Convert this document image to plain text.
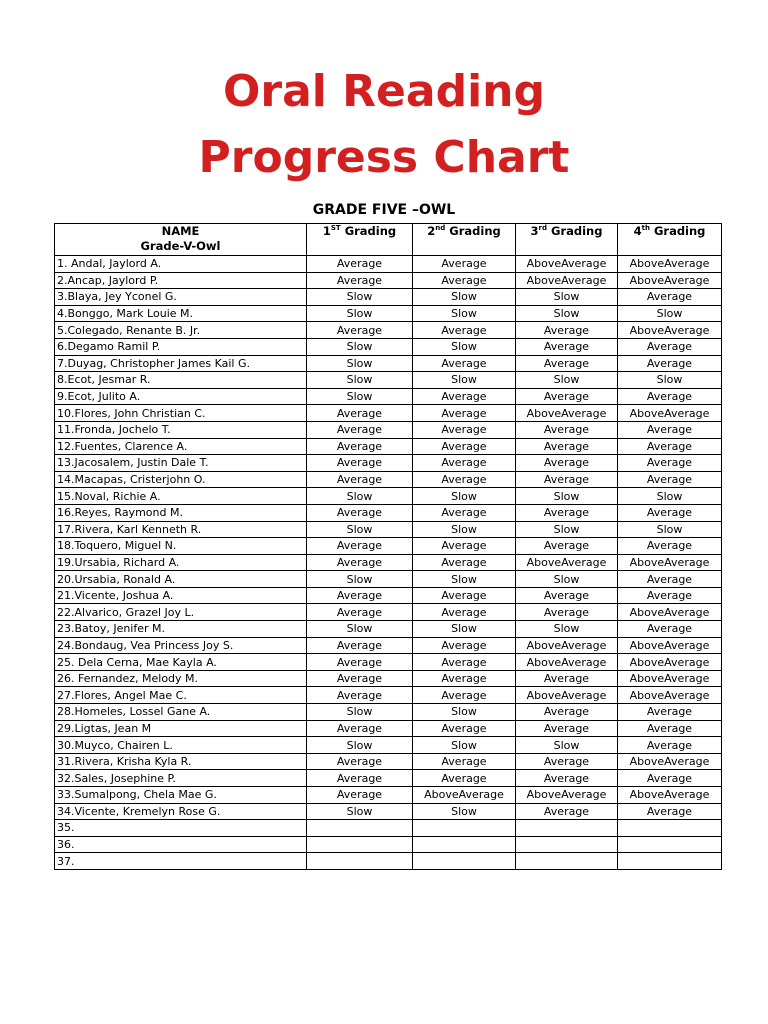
Oral Reading
Progress Chart
GRADE FIVE –OWL
NAME
Grade-V-Owl	1ST Grading	2nd Grading	3rd Grading	4th Grading
1. Andal, Jaylord A.	Average	Average	AboveAverage	AboveAverage
2.Ancap, Jaylord P.	Average	Average	AboveAverage	AboveAverage
3.Blaya, Jey Yconel G.	Slow	Slow	Slow	Average
4.Bonggo, Mark Louie M.	Slow	Slow	Slow	Slow
5.Colegado, Renante B. Jr.	Average	Average	Average	AboveAverage
6.Degamo Ramil P.	Slow	Slow	Average	Average
7.Duyag, Christopher James Kail G.	Slow	Average	Average	Average
8.Ecot, Jesmar R.	Slow	Slow	Slow	Slow
9.Ecot, Julito A.	Slow	Average	Average	Average
10.Flores, John Christian C.	Average	Average	AboveAverage	AboveAverage
11.Fronda, Jochelo T.	Average	Average	Average	Average
12.Fuentes, Clarence A.	Average	Average	Average	Average
13.Jacosalem, Justin Dale T.	Average	Average	Average	Average
14.Macapas, Cristerjohn O.	Average	Average	Average	Average
15.Noval, Richie A.	Slow	Slow	Slow	Slow
16.Reyes, Raymond M.	Average	Average	Average	Average
17.Rivera, Karl Kenneth R.	Slow	Slow	Slow	Slow
18.Toquero, Miguel N.	Average	Average	Average	Average
19.Ursabia, Richard A.	Average	Average	AboveAverage	AboveAverage
20.Ursabia, Ronald A.	Slow	Slow	Slow	Average
21.Vicente, Joshua A.	Average	Average	Average	Average
22.Alvarico, Grazel Joy L.	Average	Average	Average	AboveAverage
23.Batoy, Jenifer M.	Slow	Slow	Slow	Average
24.Bondaug, Vea Princess Joy S.	Average	Average	AboveAverage	AboveAverage
25. Dela Cerna, Mae Kayla A.	Average	Average	AboveAverage	AboveAverage
26. Fernandez, Melody M.	Average	Average	Average	AboveAverage
27.Flores, Angel Mae C.	Average	Average	AboveAverage	AboveAverage
28.Homeles, Lossel Gane A.	Slow	Slow	Average	Average
29.Ligtas, Jean M	Average	Average	Average	Average
30.Muyco, Chairen L.	Slow	Slow	Slow	Average
31.Rivera, Krisha Kyla R.	Average	Average	Average	AboveAverage
32.Sales, Josephine P.	Average	Average	Average	Average
33.Sumalpong, Chela Mae G.	Average	AboveAverage	AboveAverage	AboveAverage
34.Vicente, Kremelyn Rose G.	Slow	Slow	Average	Average
35.				
36.				
37.				
